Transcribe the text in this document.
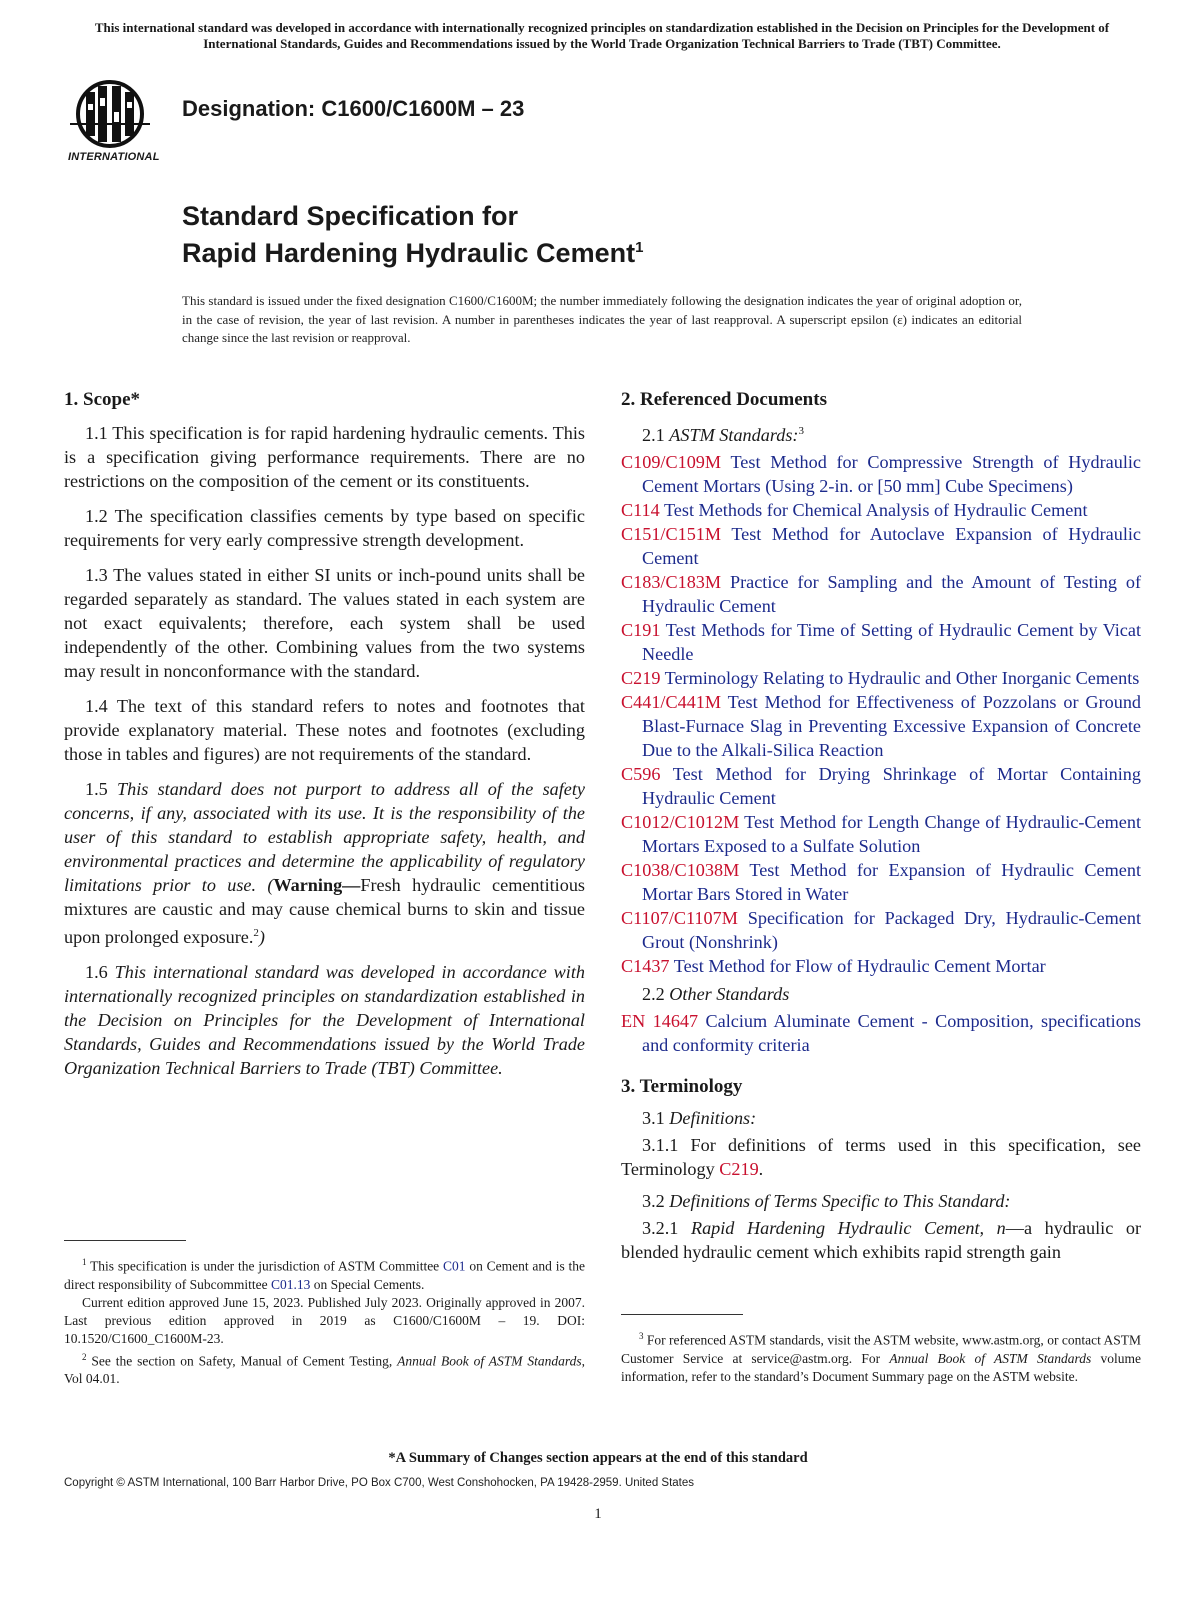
This international standard was developed in accordance with internationally recognized principles on standardization established in the Decision on Principles for the Development of International Standards, Guides and Recommendations issued by the World Trade Organization Technical Barriers to Trade (TBT) Committee.
INTERNATIONAL
Designation: C1600/C1600M – 23
Standard Specification for
Rapid Hardening Hydraulic Cement$^1$
This standard is issued under the fixed designation C1600/C1600M; the number immediately following the designation indicates the year of original adoption or, in the case of revision, the year of last revision. A number in parentheses indicates the year of last reapproval. A superscript epsilon (ε) indicates an editorial change since the last revision or reapproval.
1. Scope*

1.1 This specification is for rapid hardening hydraulic cements. This is a specification giving performance requirements. There are no restrictions on the composition of the cement or its constituents.

1.2 The specification classifies cements by type based on specific requirements for very early compressive strength development.

1.3 The values stated in either SI units or inch-pound units shall be regarded separately as standard. The values stated in each system are not exact equivalents; therefore, each system shall be used independently of the other. Combining values from the two systems may result in nonconformance with the standard.

1.4 The text of this standard refers to notes and footnotes that provide explanatory material. These notes and footnotes (excluding those in tables and figures) are not requirements of the standard.

1.5 This standard does not purport to address all of the safety concerns, if any, associated with its use. It is the responsibility of the user of this standard to establish appropriate safety, health, and environmental practices and determine the applicability of regulatory limitations prior to use. (Warning—Fresh hydraulic cementitious mixtures are caustic and may cause chemical burns to skin and tissue upon prolonged exposure.$^2$)

1.6 This international standard was developed in accordance with internationally recognized principles on standardization established in the Decision on Principles for the Development of International Standards, Guides and Recommendations issued by the World Trade Organization Technical Barriers to Trade (TBT) Committee.

2. Referenced Documents
2.1 ASTM Standards:$^3$

C109/C109M Test Method for Compressive Strength of Hydraulic Cement Mortars (Using 2-in. or [50 mm] Cube Specimens)

C114 Test Methods for Chemical Analysis of Hydraulic Cement

C151/C151M Test Method for Autoclave Expansion of Hydraulic Cement

C183/C183M Practice for Sampling and the Amount of Testing of Hydraulic Cement

C191 Test Methods for Time of Setting of Hydraulic Cement by Vicat Needle

C219 Terminology Relating to Hydraulic and Other Inorganic Cements

C441/C441M Test Method for Effectiveness of Pozzolans or Ground Blast-Furnace Slag in Preventing Excessive Expansion of Concrete Due to the Alkali-Silica Reaction

C596 Test Method for Drying Shrinkage of Mortar Containing Hydraulic Cement

C1012/C1012M Test Method for Length Change of Hydraulic-Cement Mortars Exposed to a Sulfate Solution

C1038/C1038M Test Method for Expansion of Hydraulic Cement Mortar Bars Stored in Water

C1107/C1107M Specification for Packaged Dry, Hydraulic-Cement Grout (Nonshrink)

C1437 Test Method for Flow of Hydraulic Cement Mortar

2.2 Other Standards

EN 14647 Calcium Aluminate Cement - Composition, specifications and conformity criteria

3. Terminology
3.1 Definitions:

3.1.1 For definitions of terms used in this specification, see Terminology C219.

3.2 Definitions of Terms Specific to This Standard:

3.2.1 Rapid Hardening Hydraulic Cement, n—a hydraulic or blended hydraulic cement which exhibits rapid strength gain

$^1$ This specification is under the jurisdiction of ASTM Committee C01 on Cement and is the direct responsibility of Subcommittee C01.13 on Special Cements.

Current edition approved June 15, 2023. Published July 2023. Originally approved in 2007. Last previous edition approved in 2019 as C1600/C1600M – 19. DOI: 10.1520/C1600_C1600M-23.

$^2$ See the section on Safety, Manual of Cement Testing, Annual Book of ASTM Standards, Vol 04.01.

$^3$ For referenced ASTM standards, visit the ASTM website, www.astm.org, or contact ASTM Customer Service at service@astm.org. For Annual Book of ASTM Standards volume information, refer to the standard’s Document Summary page on the ASTM website.

*A Summary of Changes section appears at the end of this standard
Copyright © ASTM International, 100 Barr Harbor Drive, PO Box C700, West Conshohocken, PA 19428-2959. United States
1
